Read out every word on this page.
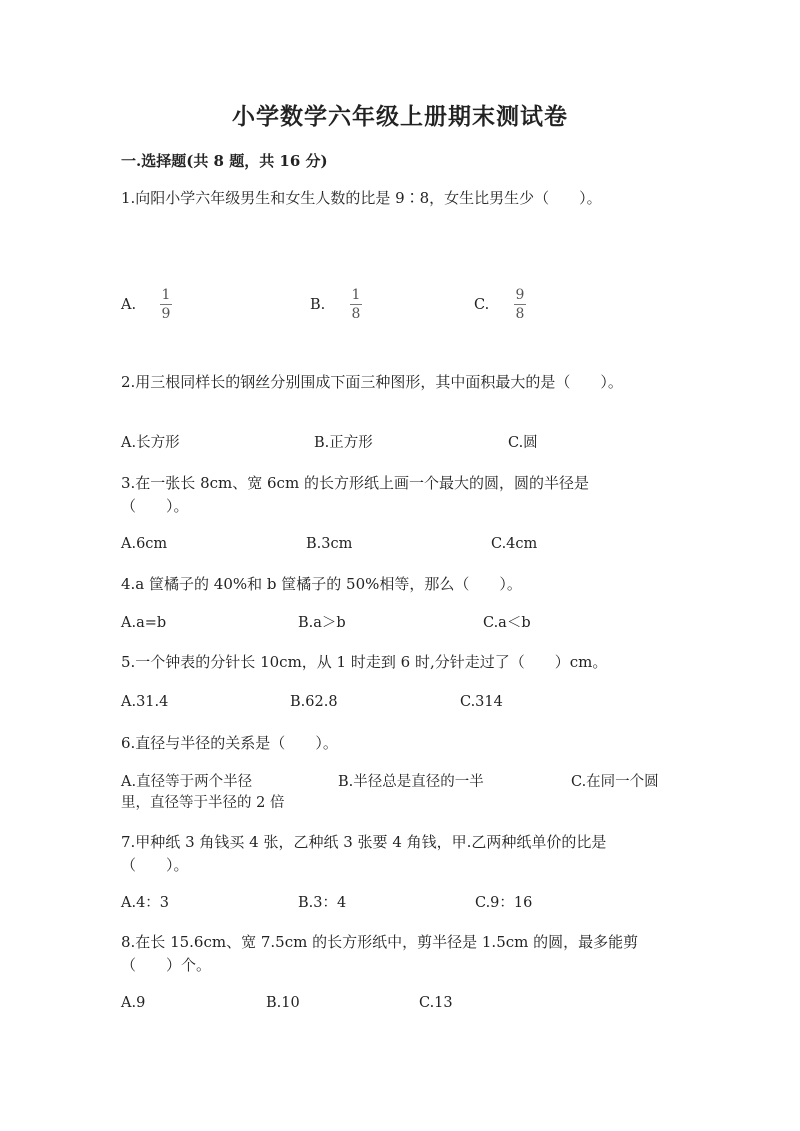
小学数学六年级上册期末测试卷
一.选择题(共 8 题，共 16 分)
1.向阳小学六年级男生和女生人数的比是 9∶8，女生比男生少（　　）。
A.
1
9
B.
1
8
C.
9
8
2.用三根同样长的钢丝分别围成下面三种图形，其中面积最大的是（　　）。
A.长方形	B.正方形	C.圆
3.在一张长 8cm、宽 6cm 的长方形纸上画一个最大的圆，圆的半径是
（　　）。
A.6cm	B.3cm	C.4cm
4.a 筐橘子的 40%和 b 筐橘子的 50%相等，那么（　　）。
A.a=b	B.a＞b	C.a＜b
5.一个钟表的分针长 10cm，从 1 时走到 6 时,分针走过了（　　）cm。
A.31.4	B.62.8	C.314
6.直径与半径的关系是（　　）。
A.直径等于两个半径	B.半径总是直径的一半	C.在同一个圆
里，直径等于半径的 2 倍
7.甲种纸 3 角钱买 4 张，乙种纸 3 张要 4 角钱，甲.乙两种纸单价的比是
（　　）。
A.4：3	B.3：4	C.9：16
8.在长 15.6cm、宽 7.5cm 的长方形纸中，剪半径是 1.5cm 的圆，最多能剪
（　　）个。
A.9	B.10	C.13
